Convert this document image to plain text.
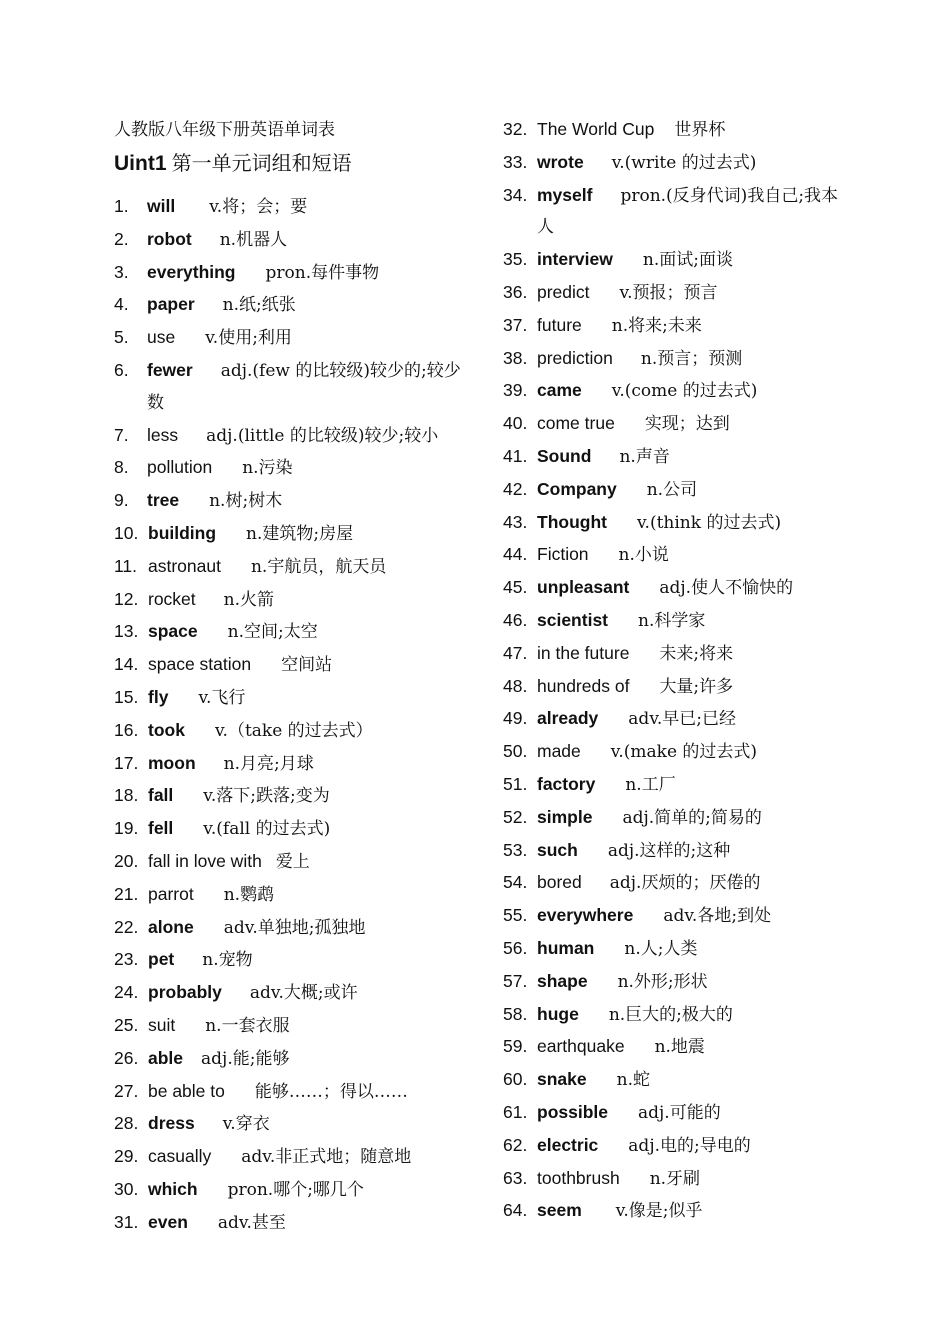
人教版八年级下册英语单词表
Uint1 第一单元词组和短语
1.	will v.将；会；要
2.	robot n.机器人
3.	everything pron.每件事物
4.	paper n.纸;纸张
5.	use v.使用;利用
6.	fewer adj.(few 的比较级)较少的;较少数
7.	less adj.(little 的比较级)较少;较小
8.	pollution n.污染
9.	tree n.树;树木
10. building n.建筑物;房屋
11. astronaut n.宇航员，航天员
12. rocket n.火箭
13. space n.空间;太空
14. space station 空间站
15. fly v.飞行
16. took v.（take 的过去式）
17. moon n.月亮;月球
18. fall v.落下;跌落;变为
19. fell v.(fall 的过去式)
20. fall in love with 爱上
21. parrot n.鹦鹉
22. alone adv.单独地;孤独地
23. pet n.宠物
24. probably adv.大概;或许
25. suit n.一套衣服
26. able adj.能;能够
27. be able to 能够……；得以……
28. dress v.穿衣
29. casually adv.非正式地；随意地
30. which pron.哪个;哪几个
31. even adv.甚至
32. The World Cup 世界杯
33. wrote v.(write 的过去式)
34. myself pron.(反身代词)我自己;我本人
35. interview n.面试;面谈
36. predict v.预报；预言
37. future n.将来;未来
38. prediction n.预言；预测
39. came v.(come 的过去式)
40. come true 实现；达到
41. Sound n.声音
42. Company n.公司
43. Thought v.(think 的过去式)
44. Fiction n.小说
45. unpleasant adj.使人不愉快的
46. scientist n.科学家
47. in the future 未来;将来
48. hundreds of 大量;许多
49. already adv.早已;已经
50. made v.(make 的过去式)
51. factory n.工厂
52. simple adj.简单的;简易的
53. such adj.这样的;这种
54. bored adj.厌烦的；厌倦的
55. everywhere adv.各地;到处
56. human n.人;人类
57. shape n.外形;形状
58. huge n.巨大的;极大的
59. earthquake n.地震
60. snake n.蛇
61. possible adj.可能的
62. electric adj.电的;导电的
63. toothbrush n.牙刷
64. seem v.像是;似乎
